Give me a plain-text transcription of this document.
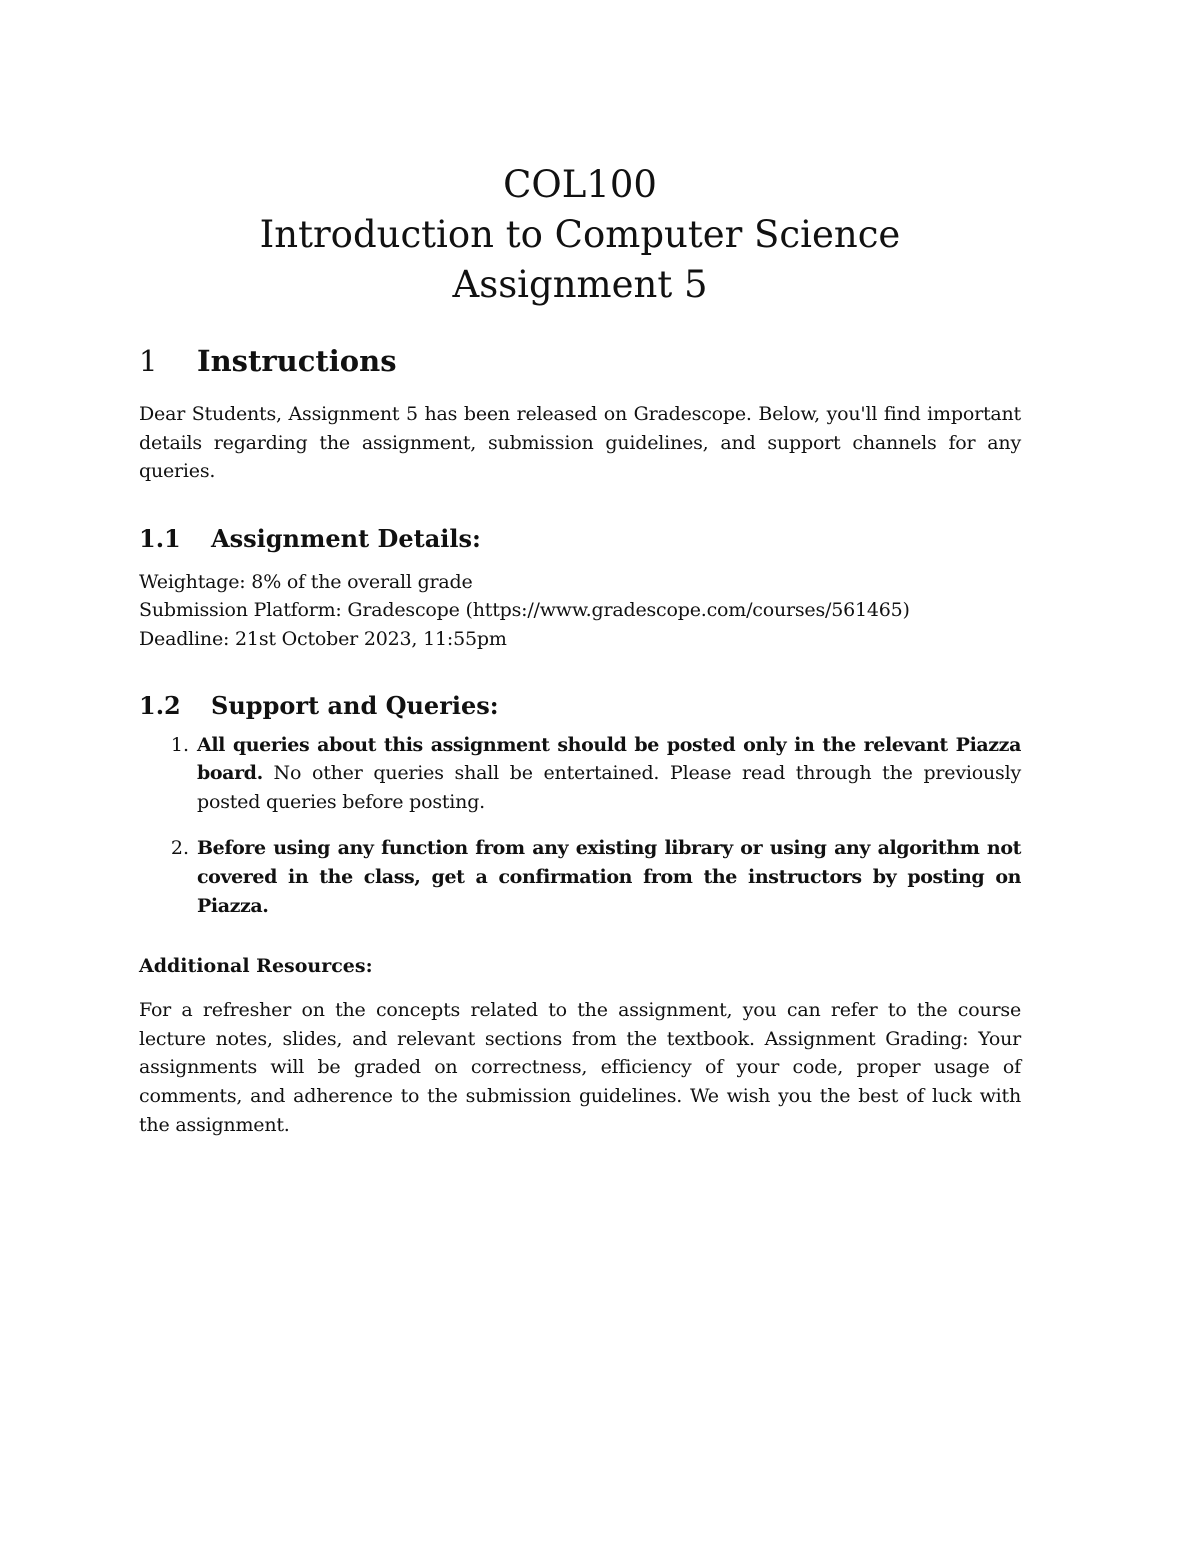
COL100
Introduction to Computer Science
Assignment 5
1	Instructions

Dear Students, Assignment 5 has been released on Gradescope. Below, you'll find important details regarding the assignment, submission guidelines, and support channels for any queries.

1.1	Assignment Details:
Weightage: 8% of the overall grade
Submission Platform: Gradescope (https://www.gradescope.com/courses/561465)
Deadline: 21st October 2023, 11:55pm
1.2	Support and Queries:
1. All queries about this assignment should be posted only in the relevant Piazza board. No other queries shall be entertained. Please read through the previously posted queries before posting.
2. Before using any function from any existing library or using any algorithm not covered in the class, get a confirmation from the instructors by posting on Piazza.
Additional Resources:

For a refresher on the concepts related to the assignment, you can refer to the course lecture notes, slides, and relevant sections from the textbook. Assignment Grading: Your assignments will be graded on correctness, efficiency of your code, proper usage of comments, and adherence to the submission guidelines. We wish you the best of luck with the assignment.
